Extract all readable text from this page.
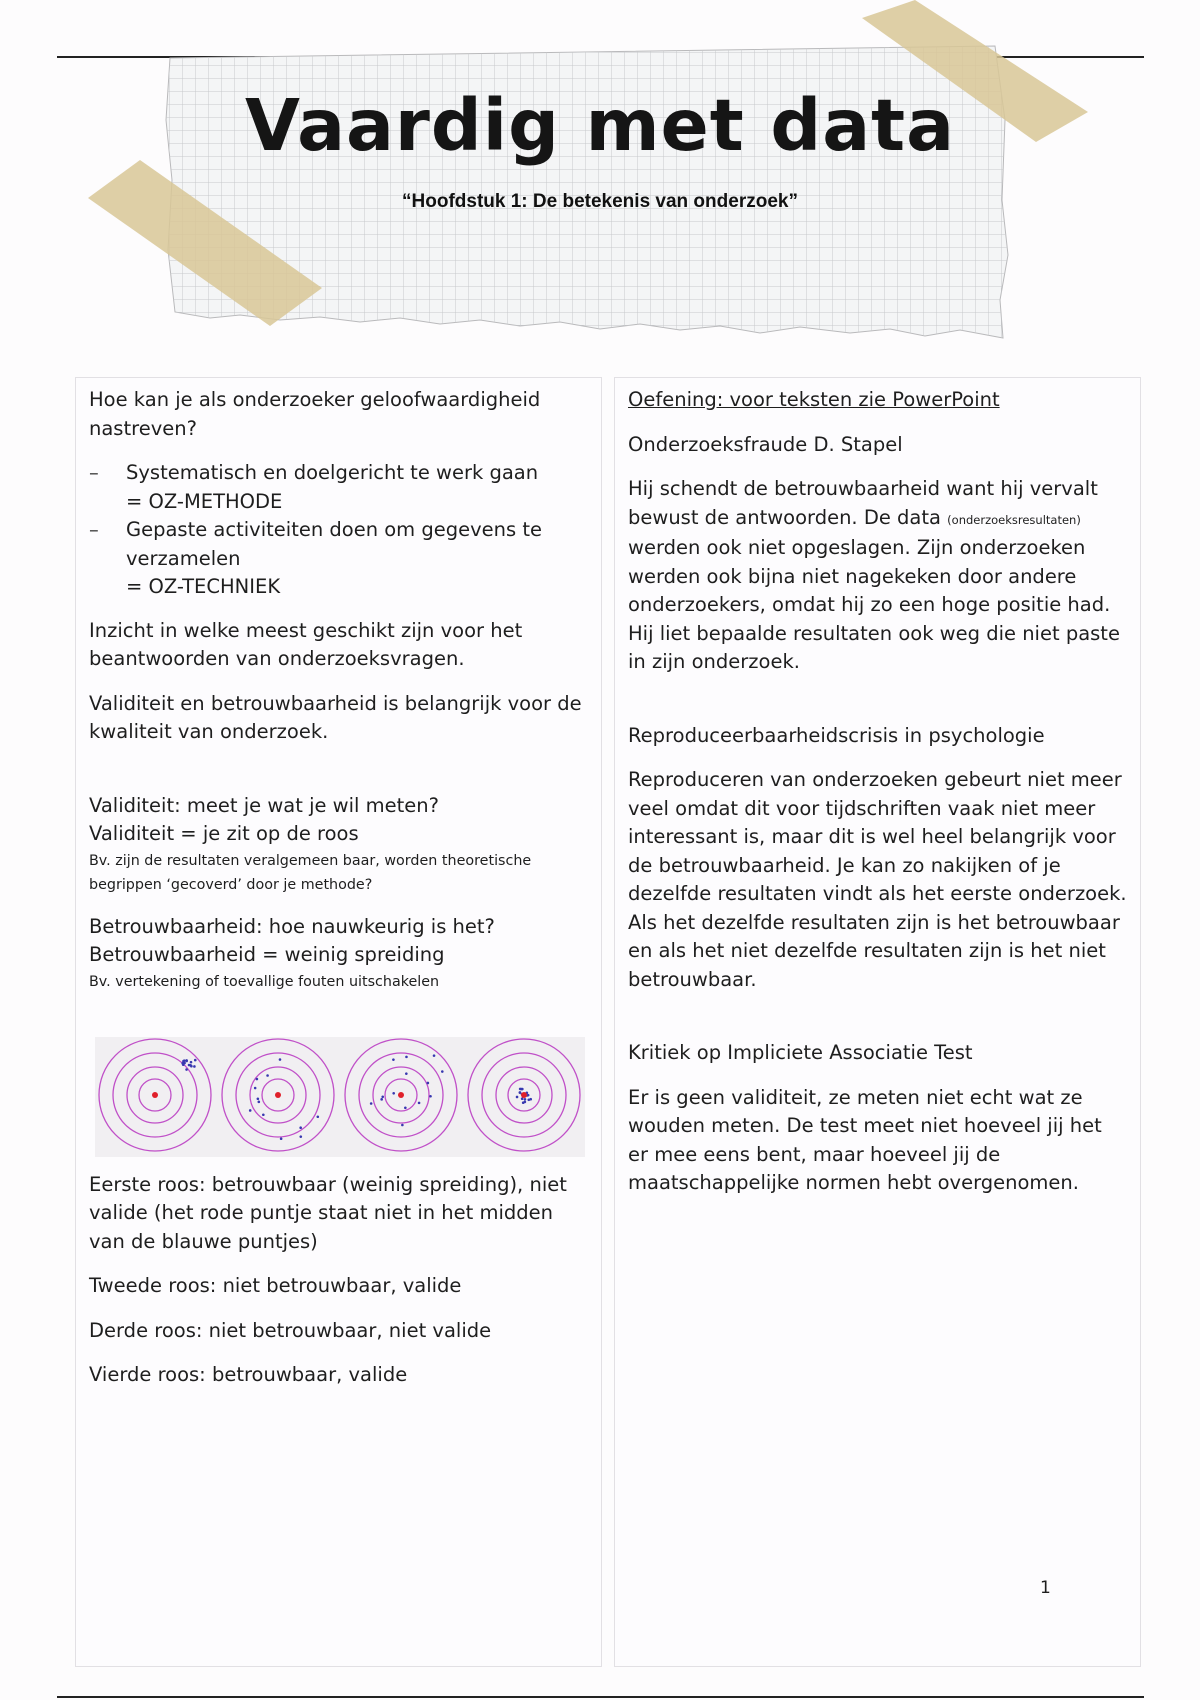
Vaardig met data
“Hoofdstuk 1: De betekenis van onderzoek”

Hoe kan je als onderzoeker geloofwaardigheid nastreven?

– Systematisch en doelgericht te werk gaan
= OZ-METHODE
– Gepaste activiteiten doen om gegevens te verzamelen
= OZ-TECHNIEK

Inzicht in welke meest geschikt zijn voor het beantwoorden van onderzoeksvragen.

Validiteit en betrouwbaarheid is belangrijk voor de kwaliteit van onderzoek.

Validiteit: meet je wat je wil meten?

Validiteit = je zit op de roos

Bv. zijn de resultaten veralgemeen baar, worden theoretische begrippen ‘gecoverd’ door je methode?

Betrouwbaarheid: hoe nauwkeurig is het?

Betrouwbaarheid = weinig spreiding

Bv. vertekening of toevallige fouten uitschakelen

Eerste roos: betrouwbaar (weinig spreiding), niet valide (het rode puntje staat niet in het midden van de blauwe puntjes)

Tweede roos: niet betrouwbaar, valide

Derde roos: niet betrouwbaar, niet valide

Vierde roos: betrouwbaar, valide

Oefening: voor teksten zie PowerPoint

Onderzoeksfraude D. Stapel

Hij schendt de betrouwbaarheid want hij vervalt bewust de antwoorden. De data (onderzoeksresultaten) werden ook niet opgeslagen. Zijn onderzoeken werden ook bijna niet nagekeken door andere onderzoekers, omdat hij zo een hoge positie had. Hij liet bepaalde resultaten ook weg die niet paste in zijn onderzoek.

Reproduceerbaarheidscrisis in psychologie

Reproduceren van onderzoeken gebeurt niet meer veel omdat dit voor tijdschriften vaak niet meer interessant is, maar dit is wel heel belangrijk voor de betrouwbaarheid. Je kan zo nakijken of je dezelfde resultaten vindt als het eerste onderzoek. Als het dezelfde resultaten zijn is het betrouwbaar en als het niet dezelfde resultaten zijn is het niet betrouwbaar.

Kritiek op Impliciete Associatie Test

Er is geen validiteit, ze meten niet echt wat ze wouden meten. De test meet niet hoeveel jij het er mee eens bent, maar hoeveel jij de maatschappelijke normen hebt overgenomen.

1
